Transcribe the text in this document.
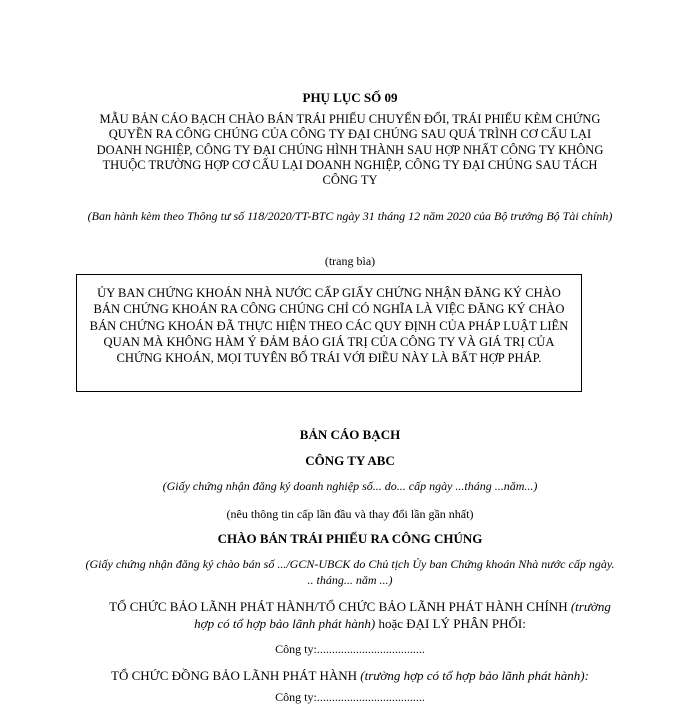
PHỤ LỤC SỐ 09
MẪU BẢN CÁO BẠCH CHÀO BÁN TRÁI PHIẾU CHUYỂN ĐỔI, TRÁI PHIẾU KÈM CHỨNG QUYỀN RA CÔNG CHÚNG CỦA CÔNG TY ĐẠI CHÚNG SAU QUÁ TRÌNH CƠ CẤU LẠI DOANH NGHIỆP, CÔNG TY ĐẠI CHÚNG HÌNH THÀNH SAU HỢP NHẤT CÔNG TY KHÔNG THUỘC TRƯỜNG HỢP CƠ CẤU LẠI DOANH NGHIỆP, CÔNG TY ĐẠI CHÚNG SAU TÁCH CÔNG TY
(Ban hành kèm theo Thông tư số 118/2020/TT-BTC ngày 31 tháng 12 năm 2020 của Bộ trưởng Bộ Tài chính)
(trang bìa)
ỦY BAN CHỨNG KHOÁN NHÀ NƯỚC CẤP GIẤY CHỨNG NHẬN ĐĂNG KÝ CHÀO BÁN CHỨNG KHOÁN RA CÔNG CHÚNG CHỈ CÓ NGHĨA LÀ VIỆC ĐĂNG KÝ CHÀO BÁN CHỨNG KHOÁN ĐÃ THỰC HIỆN THEO CÁC QUY ĐỊNH CỦA PHÁP LUẬT LIÊN QUAN MÀ KHÔNG HÀM Ý ĐẢM BẢO GIÁ TRỊ CỦA CÔNG TY VÀ GIÁ TRỊ CỦA CHỨNG KHOÁN, MỌI TUYÊN BỐ TRÁI VỚI ĐIỀU NÀY LÀ BẤT HỢP PHÁP.
BẢN CÁO BẠCH
CÔNG TY ABC
(Giấy chứng nhận đăng ký doanh nghiệp số... do... cấp ngày ...tháng ...năm...)
(nêu thông tin cấp lần đầu và thay đổi lần gần nhất)
CHÀO BÁN TRÁI PHIẾU RA CÔNG CHÚNG
(Giấy chứng nhận đăng ký chào bán số .../GCN-UBCK do Chủ tịch Ủy ban Chứng khoán Nhà nước cấp ngày. .. tháng... năm ...)
TỔ CHỨC BẢO LÃNH PHÁT HÀNH/TỔ CHỨC BẢO LÃNH PHÁT HÀNH CHÍNH (trường hợp có tổ hợp bảo lãnh phát hành) hoặc ĐẠI LÝ PHÂN PHỐI:
Công ty:....................................
TỔ CHỨC ĐỒNG BẢO LÃNH PHÁT HÀNH (trường hợp có tổ hợp bảo lãnh phát hành):
Công ty:....................................
